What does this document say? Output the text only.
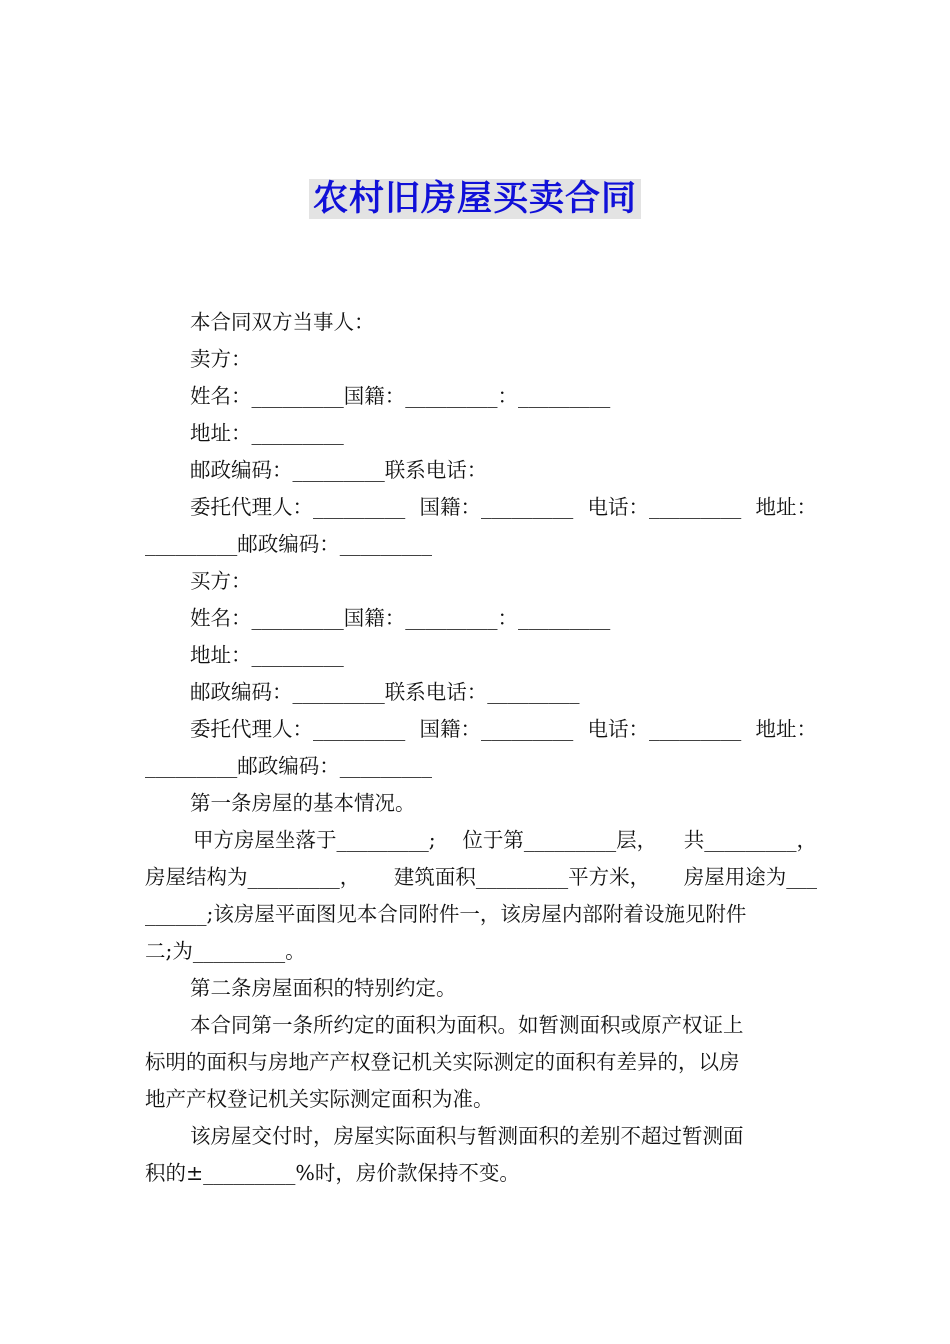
农村旧房屋买卖合同
本合同双方当事人：
卖方：
姓名：_________国籍：_________：_________
地址：_________
邮政编码：_________联系电话：
委托代理人：_________ 国籍：_________ 电话：_________ 地址：
_________邮政编码：_________
买方：
姓名：_________国籍：_________：_________
地址：_________
邮政编码：_________联系电话：_________
委托代理人：_________ 国籍：_________ 电话：_________ 地址：
_________邮政编码：_________
第一条房屋的基本情况。
甲方房屋坐落于_________; 位于第_________层， 共_________，
房屋结构为_________， 建筑面积_________平方米， 房屋用途为___
______;该房屋平面图见本合同附件一，该房屋内部附着设施见附件
二;为_________。
第二条房屋面积的特别约定。
本合同第一条所约定的面积为面积。如暂测面积或原产权证上
标明的面积与房地产产权登记机关实际测定的面积有差异的，以房
地产产权登记机关实际测定面积为准。
该房屋交付时，房屋实际面积与暂测面积的差别不超过暂测面
积的±_________%时，房价款保持不变。
